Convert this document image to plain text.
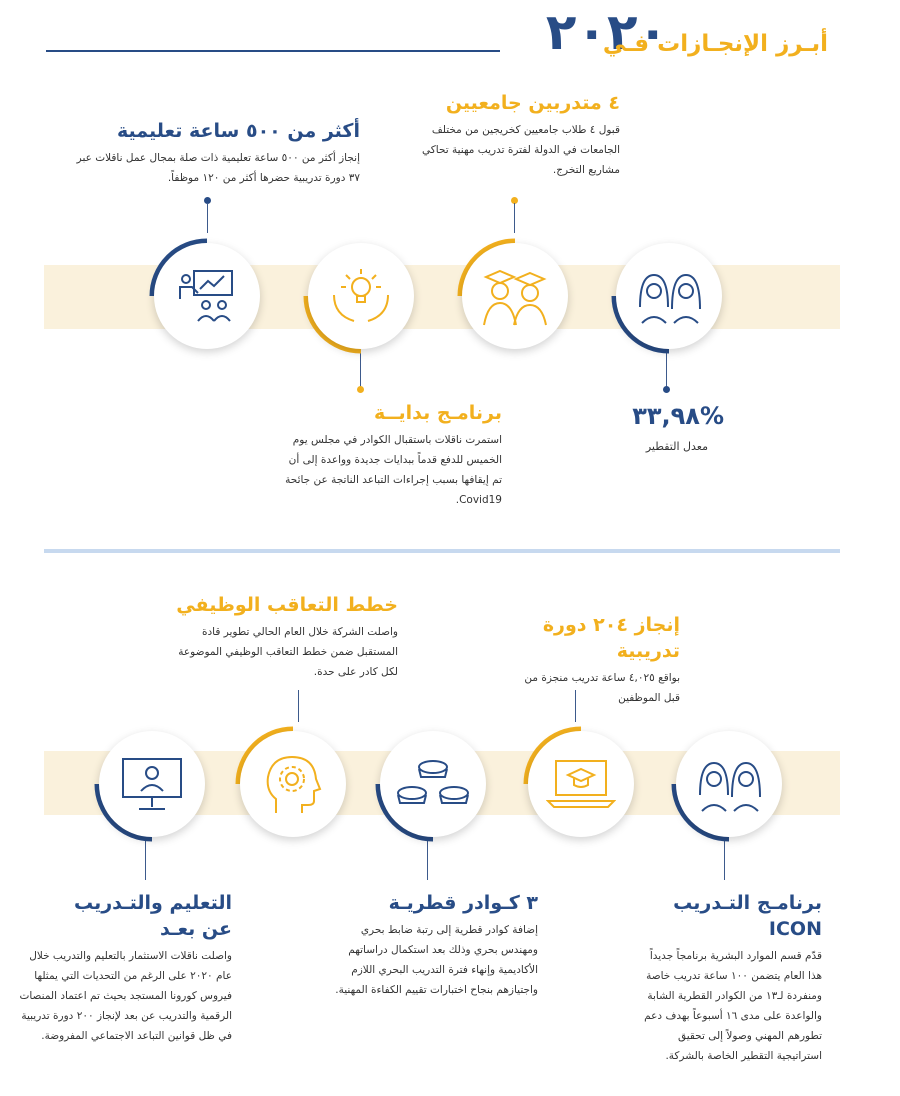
٢٠٢٠
أبـرز الإنجـازات فـي
أكثر من ٥٠٠ ساعة تعليمية

إنجاز أكثر من ٥٠٠ ساعة تعليمية ذات صلة بمجال عمل ناقلات عبر ٣٧ دورة تدريبية حضرها أكثر من ١٢٠ موظفاً.

٤ متدربين جامعيين

قبول ٤ طلاب جامعيين كخريجين من مختلف الجامعات في الدولة لفترة تدريب مهنية تحاكي مشاريع التخرج.

برنامـج بدايــة

استمرت ناقلات باستقبال الكوادر في مجلس يوم الخميس للدفع قدماً ببدايات جديدة وواعدة إلى أن تم إيقافها بسبب إجراءات التباعد الناتجة عن جائحة Covid19.

%٣٣,٩٨
معدل التقطير
خطط التعاقب الوظيفي

واصلت الشركة خلال العام الحالي تطوير قادة المستقبل ضمن خطط التعاقب الوظيفي الموضوعة لكل كادر على حدة.

إنجاز ٢٠٤ دورة تدريبية

بواقع ٤,٠٢٥ ساعة تدريب منجزة من قبل الموظفين

التعليم والتـدريب عن بعـد

واصلت ناقلات الاستثمار بالتعليم والتدريب خلال عام ٢٠٢٠ على الرغم من التحديات التي يمثلها فيروس كورونا المستجد بحيث تم اعتماد المنصات الرقمية والتدريب عن بعد لإنجاز ٢٠٠ دورة تدريبية في ظل قوانين التباعد الاجتماعي المفروضة.

٣ كـوادر قطريـة

إضافة كوادر قطرية إلى رتبة ضابط بحري ومهندس بحري وذلك بعد استكمال دراساتهم الأكاديمية وإنهاء فترة التدريب البحري اللازم واجتيازهم بنجاح اختبارات تقييم الكفاءة المهنية.

برنامـج التـدريب ICON

قدّم قسم الموارد البشرية برنامجاً جديداً هذا العام يتضمن ١٠٠ ساعة تدريب خاصة ومنفردة لـ١٣ من الكوادر القطرية الشابة والواعدة على مدى ١٦ أسبوعاً بهدف دعم تطورهم المهني وصولاً إلى تحقيق استراتيجية التقطير الخاصة بالشركة.
